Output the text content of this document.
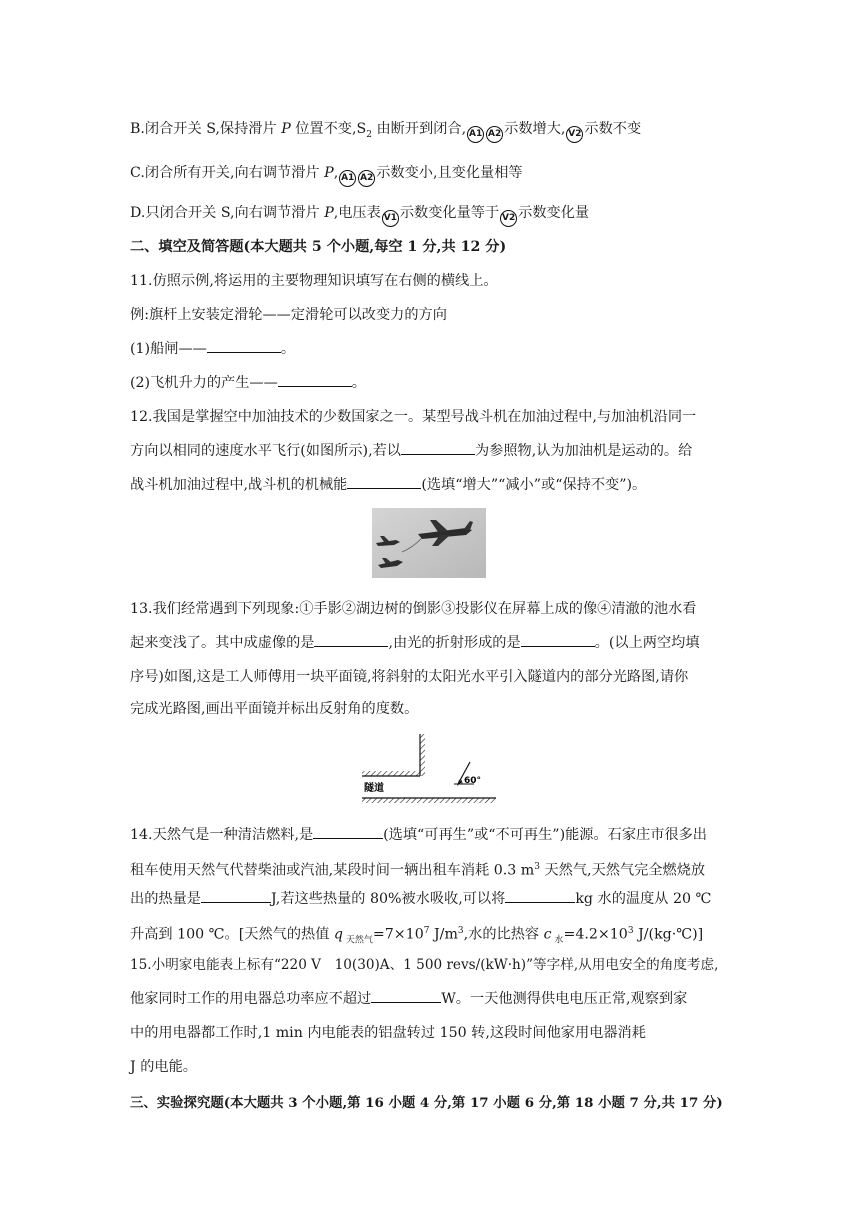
B.闭合开关 S,保持滑片 P 位置不变$,S_2$ 由断开到闭合, A1 A2 示数增大, V2 示数不变
C.闭合所有开关,向右调节滑片 P, A1 A2 示数变小,且变化量相等
D.只闭合开关 S,向右调节滑片 P,电压表 V1 示数变化量等于 V2 示数变化量
二、填空及简答题(本大题共 5 个小题,每空 1 分,共 12 分)
11.仿照示例,将运用的主要物理知识填写在右侧的横线上。
例:旗杆上安装定滑轮——定滑轮可以改变力的方向
(1)船闸——	。
(2)飞机升力的产生——	。
12.我国是掌握空中加油技术的少数国家之一。某型号战斗机在加油过程中,与加油机沿同一
方向以相同的速度水平飞行(如图所示),若以	为参照物,认为加油机是运动的。给
战斗机加油过程中,战斗机的机械能	(选填“增大”“减小”或“保持不变”)。
13.我们经常遇到下列现象:①手影②湖边树的倒影③投影仪在屏幕上成的像④清澈的池水看
起来变浅了。其中成虚像的是	,由光的折射形成的是	。(以上两空均填
序号)如图,这是工人师傅用一块平面镜,将斜射的太阳光水平引入隧道内的部分光路图,请你
完成光路图,画出平面镜并标出反射角的度数。
60°
隧道
14.天然气是一种清洁燃料,是	(选填“可再生”或“不可再生”)能源。石家庄市很多出
租车使用天然气代替柴油或汽油,某段时间一辆出租车消耗 0.3 $m^3$ 天然气,天然气完全燃烧放
出的热量是	J,若这些热量的 80%被水吸收,可以将	kg 水的温度从 20 ℃
升高到 100 ℃。[天然气的热值 q $_{天然气}=7\times 10^7$ $J/m^3$,水的比热容 c $_水=4.2\times 10^3$ J/(kg·℃)]
15.小明家电能表上标有“220 V　10(30)A、1 500 revs/(kW·h)”等字样,从用电安全的角度考虑,
他家同时工作的用电器总功率应不超过	W。一天他测得供电电压正常,观察到家
中的用电器都工作时,1 min 内电能表的铝盘转过 150 转,这段时间他家用电器消耗
J 的电能。
三、实验探究题(本大题共 3 个小题,第 16 小题 4 分,第 17 小题 6 分,第 18 小题 7 分,共 17 分)
